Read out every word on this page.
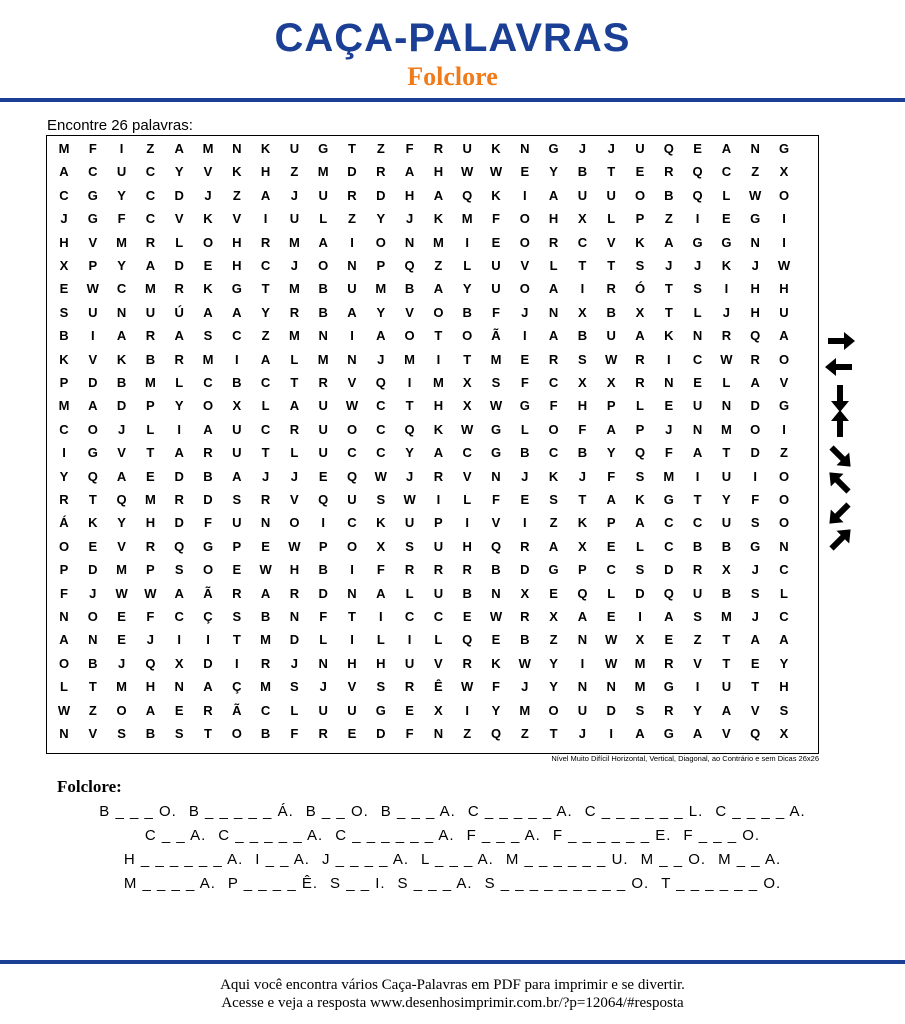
CAÇA-PALAVRAS
Folclore
Encontre 26 palavras:
M	F	I	Z	A	M	N	K	U	G	T	Z	F	R	U	K	N	G	J	J	U	Q	E	A	N	G
A	C	U	C	Y	V	K	H	Z	M	D	R	A	H	W	W	E	Y	B	T	E	R	Q	C	Z	X
C	G	Y	C	D	J	Z	A	J	U	R	D	H	A	Q	K	I	A	U	U	O	B	Q	L	W	O
J	G	F	C	V	K	V	I	U	L	Z	Y	J	K	M	F	O	H	X	L	P	Z	I	E	G	I
H	V	M	R	L	O	H	R	M	A	I	O	N	M	I	E	O	R	C	V	K	A	G	G	N	I
X	P	Y	A	D	E	H	C	J	O	N	P	Q	Z	L	U	V	L	T	T	S	J	J	K	J	W
E	W	C	M	R	K	G	T	M	B	U	M	B	A	Y	U	O	A	I	R	Ó	T	S	I	H	H
S	U	N	U	Ú	A	A	Y	R	B	A	Y	V	O	B	F	J	N	X	B	X	T	L	J	H	U
B	I	A	R	A	S	C	Z	M	N	I	A	O	T	O	Ã	I	A	B	U	A	K	N	R	Q	A
K	V	K	B	R	M	I	A	L	M	N	J	M	I	T	M	E	R	S	W	R	I	C	W	R	O
P	D	B	M	L	C	B	C	T	R	V	Q	I	M	X	S	F	C	X	X	R	N	E	L	A	V
M	A	D	P	Y	O	X	L	A	U	W	C	T	H	X	W	G	F	H	P	L	E	U	N	D	G
C	O	J	L	I	A	U	C	R	U	O	C	Q	K	W	G	L	O	F	A	P	J	N	M	O	I
I	G	V	T	A	R	U	T	L	U	C	C	Y	A	C	G	B	C	B	Y	Q	F	A	T	D	Z
Y	Q	A	E	D	B	A	J	J	E	Q	W	J	R	V	N	J	K	J	F	S	M	I	U	I	O
R	T	Q	M	R	D	S	R	V	Q	U	S	W	I	L	F	E	S	T	A	K	G	T	Y	F	O
Á	K	Y	H	D	F	U	N	O	I	C	K	U	P	I	V	I	Z	K	P	A	C	C	U	S	O
O	E	V	R	Q	G	P	E	W	P	O	X	S	U	H	Q	R	A	X	E	L	C	B	B	G	N
P	D	M	P	S	O	E	W	H	B	I	F	R	R	R	B	D	G	P	C	S	D	R	X	J	C
F	J	W	W	A	Ã	R	A	R	D	N	A	L	U	B	N	X	E	Q	L	D	Q	U	B	S	L
N	O	E	F	C	Ç	S	B	N	F	T	I	C	C	E	W	R	X	A	E	I	A	S	M	J	C
A	N	E	J	I	I	T	M	D	L	I	L	I	L	Q	E	B	Z	N	W	X	E	Z	T	A	A
O	B	J	Q	X	D	I	R	J	N	H	H	U	V	R	K	W	Y	I	W	M	R	V	T	E	Y
L	T	M	H	N	A	Ç	M	S	J	V	S	R	Ê	W	F	J	Y	N	N	M	G	I	U	T	H
W	Z	O	A	E	R	Ã	C	L	U	U	G	E	X	I	Y	M	O	U	D	S	R	Y	A	V	S
N	V	S	B	S	T	O	B	F	R	E	D	F	N	Z	Q	Z	T	J	I	A	G	A	V	Q	X
Nível Muito Difícil Horizontal, Vertical, Diagonal, ao Contrário e sem Dicas 26x26
Folclore:
B _ _ _ O. B _ _ _ _ _ Á. B _ _ O. B _ _ _ A. C _ _ _ _ _ A. C _ _ _ _ _ _ L. C _ _ _ _ A.
C _ _ A. C _ _ _ _ _ A. C _ _ _ _ _ _ A. F _ _ _ A. F _ _ _ _ _ _ E. F _ _ _ O.
H _ _ _ _ _ _ A. I _ _ A. J _ _ _ _ A. L _ _ _ A. M _ _ _ _ _ _ U. M _ _ O. M _ _ A.
M _ _ _ _ A. P _ _ _ _ Ê. S _ _ I. S _ _ _ A. S _ _ _ _ _ _ _ _ _ O. T _ _ _ _ _ _ O.
Aqui você encontra vários Caça-Palavras em PDF para imprimir e se divertir.
Acesse e veja a resposta www.desenhosimprimir.com.br/?p=12064/#resposta
